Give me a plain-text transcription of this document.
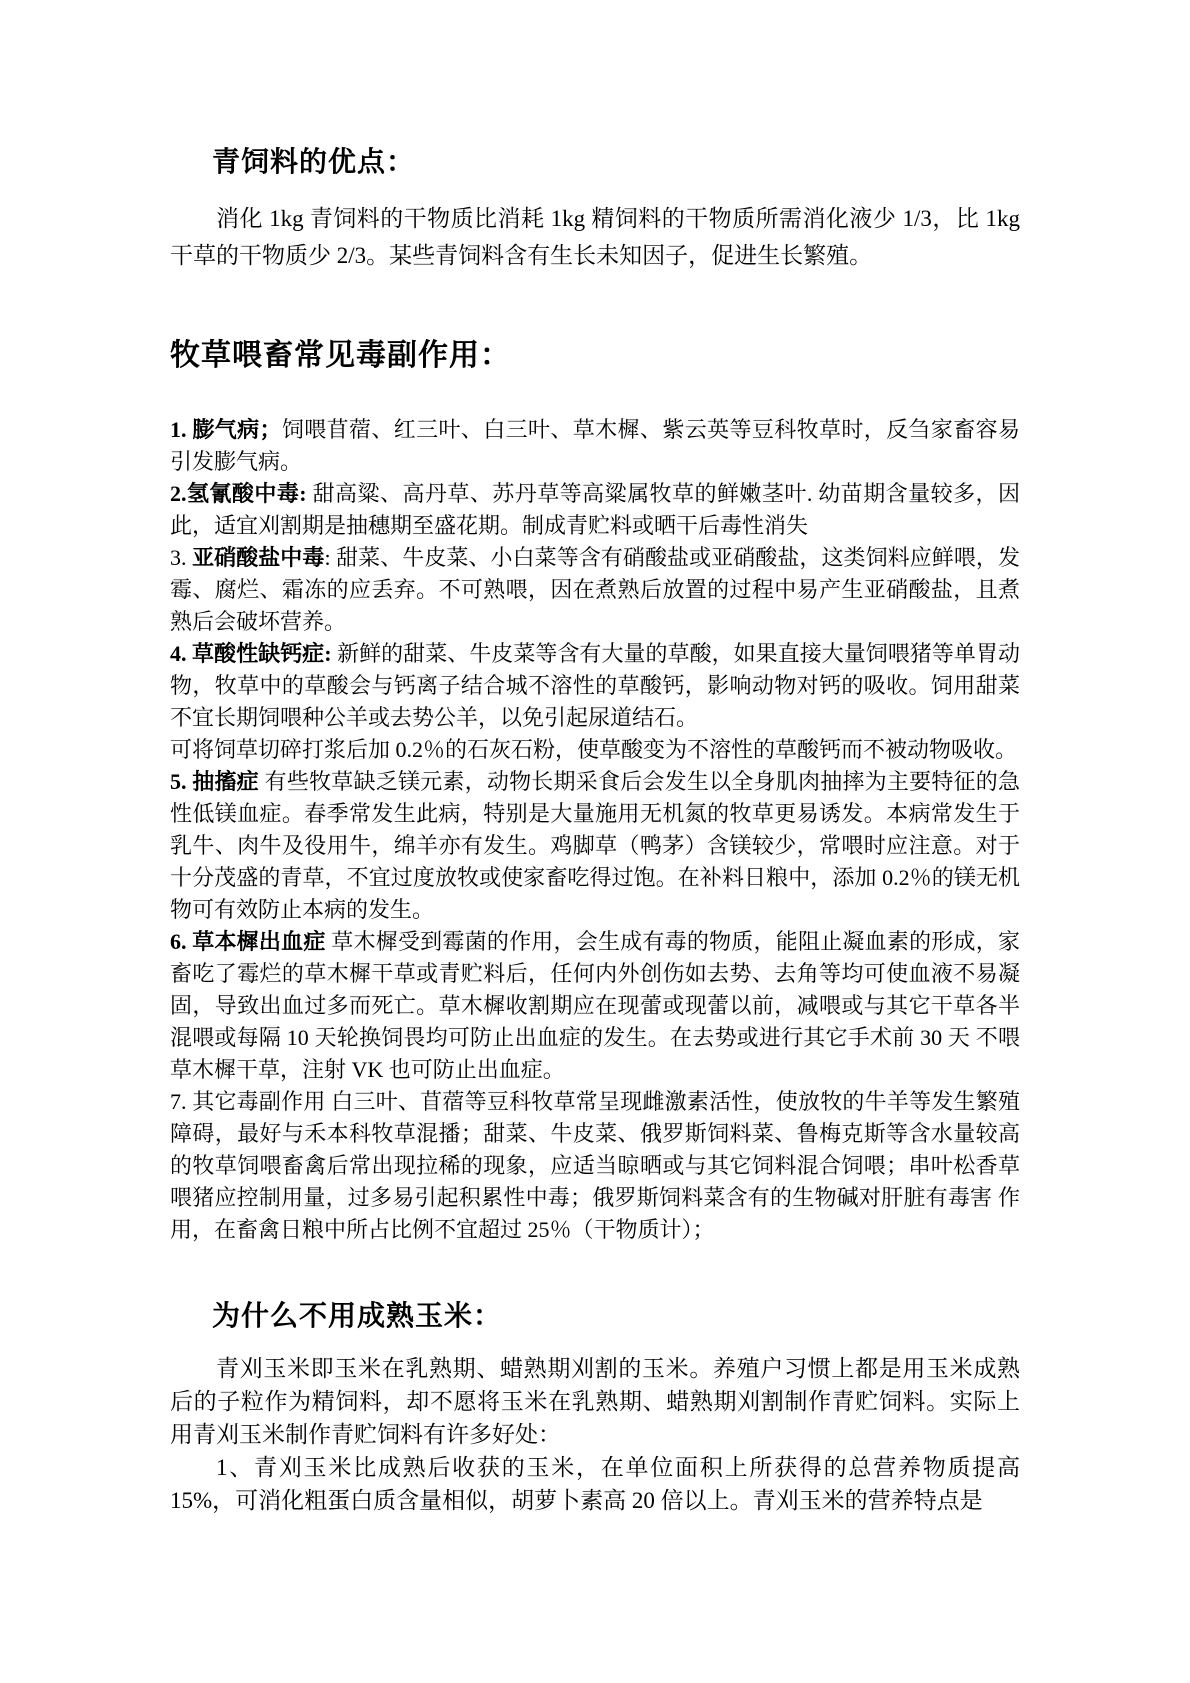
青饲料的优点：

消化 1kg 青饲料的干物质比消耗 1kg 精饲料的干物质所需消化液少 1/3，比 1kg 干草的干物质少 2/3。某些青饲料含有生长未知因子，促进生长繁殖。

牧草喂畜常见毒副作用：

1. 膨气病；饲喂苜蓿、红三叶、白三叶、草木樨、紫云英等豆科牧草时，反刍家畜容易引发膨气病。

2.氢氰酸中毒: 甜高粱、高丹草、苏丹草等高粱属牧草的鲜嫩茎叶. 幼苗期含量较多，因此，适宜刈割期是抽穗期至盛花期。制成青贮料或晒干后毒性消失

3. 亚硝酸盐中毒: 甜菜、牛皮菜、小白菜等含有硝酸盐或亚硝酸盐，这类饲料应鲜喂，发霉、腐烂、霜冻的应丢弃。不可熟喂，因在煮熟后放置的过程中易产生亚硝酸盐，且煮熟后会破坏营养。

4. 草酸性缺钙症: 新鲜的甜菜、牛皮菜等含有大量的草酸，如果直接大量饲喂猪等单胃动物，牧草中的草酸会与钙离子结合城不溶性的草酸钙，影响动物对钙的吸收。饲用甜菜不宜长期饲喂种公羊或去势公羊，以免引起尿道结石。

可将饲草切碎打浆后加 0.2％的石灰石粉，使草酸变为不溶性的草酸钙而不被动物吸收。

5. 抽搐症 有些牧草缺乏镁元素，动物长期采食后会发生以全身肌肉抽摔为主要特征的急性低镁血症。春季常发生此病，特别是大量施用无机氮的牧草更易诱发。本病常发生于 乳牛、肉牛及役用牛，绵羊亦有发生。鸡脚草（鸭茅）含镁较少，常喂时应注意。对于十分茂盛的青草，不宜过度放牧或使家畜吃得过饱。在补料日粮中，添加 0.2％的镁无机物可有效防止本病的发生。

6. 草本樨出血症 草木樨受到霉菌的作用，会生成有毒的物质，能阻止凝血素的形成，家畜吃了霉烂的草木樨干草或青贮料后，任何内外创伤如去势、去角等均可使血液不易凝固，导致出血过多而死亡。草木樨收割期应在现蕾或现蕾以前，减喂或与其它干草各半混喂或每隔 10 天轮换饲畏均可防止出血症的发生。在去势或进行其它手术前 30 天 不喂草木樨干草，注射 VK 也可防止出血症。

7. 其它毒副作用 白三叶、苜蓿等豆科牧草常呈现雌激素活性，使放牧的牛羊等发生繁殖障碍，最好与禾本科牧草混播；甜菜、牛皮菜、俄罗斯饲料菜、鲁梅克斯等含水量较高的牧草饲喂畜禽后常出现拉稀的现象，应适当晾晒或与其它饲料混合饲喂；串叶松香草喂猪应控制用量，过多易引起积累性中毒；俄罗斯饲料菜含有的生物碱对肝脏有毒害 作用，在畜禽日粮中所占比例不宜超过 25％（干物质计）；

为什么不用成熟玉米：

青刈玉米即玉米在乳熟期、蜡熟期刈割的玉米。养殖户习惯上都是用玉米成熟后的子粒作为精饲料，却不愿将玉米在乳熟期、蜡熟期刈割制作青贮饲料。实际上用青刈玉米制作青贮饲料有许多好处：

1、青刈玉米比成熟后收获的玉米，在单位面积上所获得的总营养物质提高 15%，可消化粗蛋白质含量相似，胡萝卜素高 20 倍以上。青刈玉米的营养特点是
